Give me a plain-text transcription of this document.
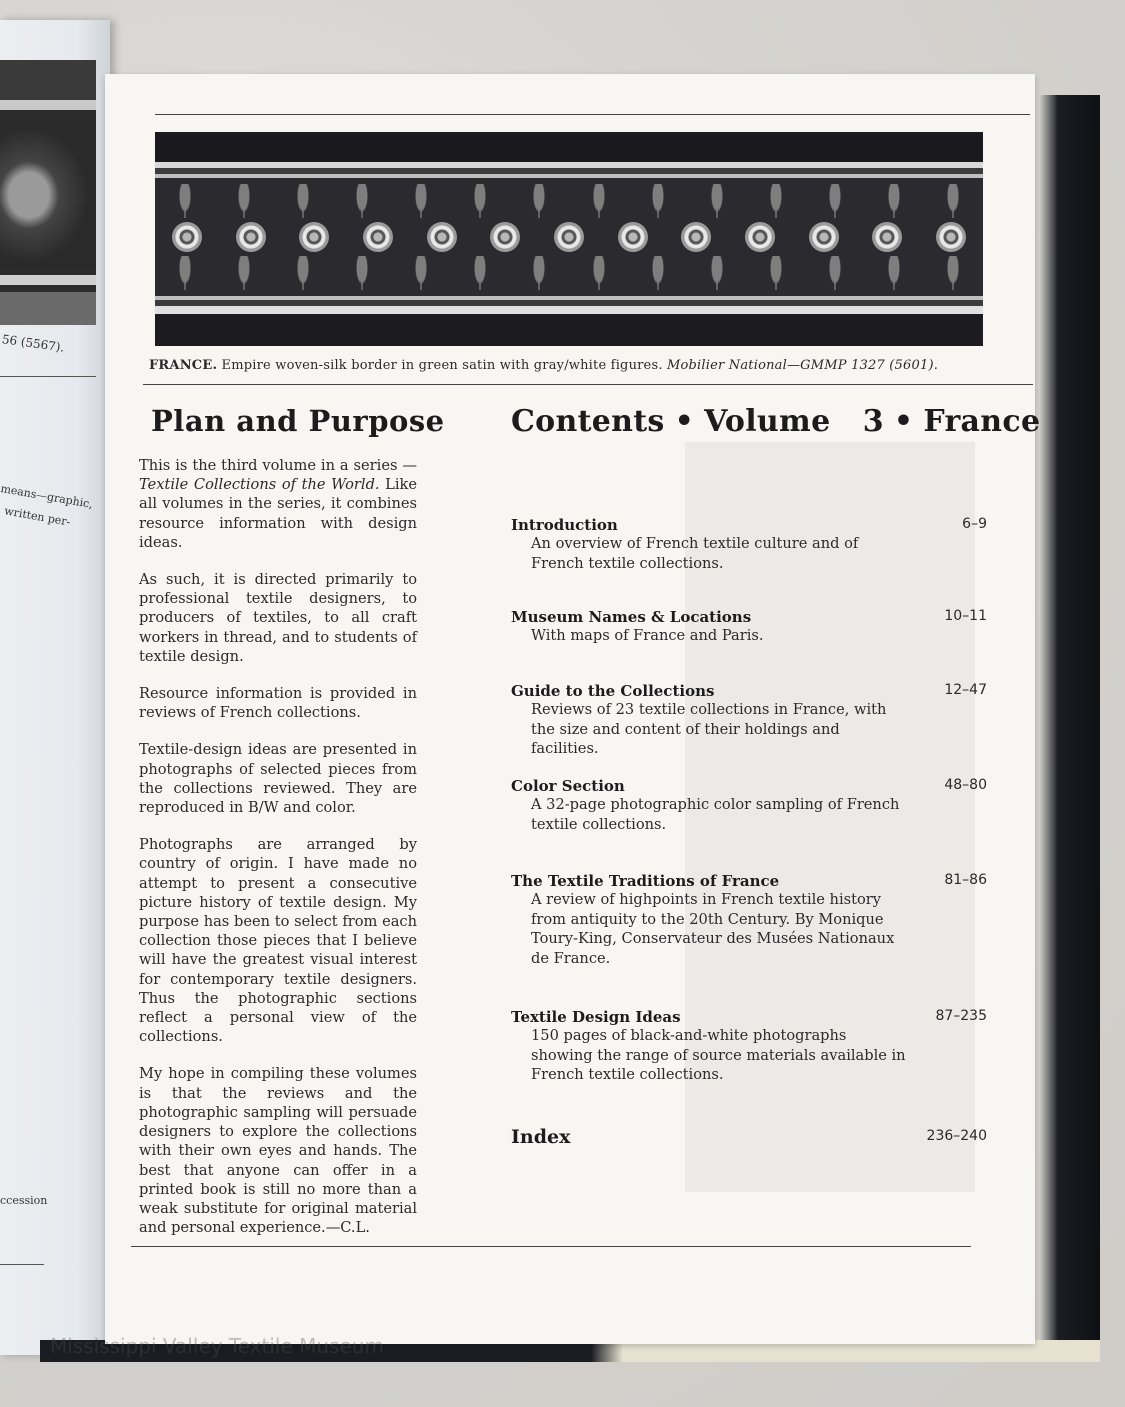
56 (5567).
means—graphic,
written per-
ccession
FRANCE. Empire woven-silk border in green satin with gray/white figures. Mobilier National—GMMP 1327 (5601).
Plan and Purpose

This is the third volume in a series —Textile Collections of the World. Like all volumes in the series, it combines resource information with design ideas.

As such, it is directed primarily to professional textile designers, to producers of textiles, to all craft workers in thread, and to students of textile design.

Resource information is provided in reviews of French collections.

Textile-design ideas are presented in photographs of selected pieces from the collections reviewed. They are reproduced in B/W and color.

Photographs are arranged by country of origin. I have made no attempt to present a consecutive picture history of textile design. My purpose has been to select from each collection those pieces that I believe will have the greatest visual interest for contemporary textile designers. Thus the photographic sections reflect a personal view of the collections.

My hope in compiling these volumes is that the reviews and the photographic sampling will persuade designers to explore the collections with their own eyes and hands. The best that anyone can offer in a printed book is still no more than a weak substitute for original material and personal experience.—C.L.

Contents • Volume 3 • France
Introduction
An overview of French textile culture and of French textile collections.
6–9
Museum Names & Locations
With maps of France and Paris.
10–11
Guide to the Collections
Reviews of 23 textile collections in France, with the size and content of their holdings and facilities.
12–47
Color Section
A 32-page photographic color sampling of French textile collections.
48–80
The Textile Traditions of France
A review of highpoints in French textile history from antiquity to the 20th Century. By Monique Toury-King, Conservateur des Musées Nationaux de France.
81–86
Textile Design Ideas
150 pages of black-and-white photographs showing the range of source materials available in French textile collections.
87–235
Index	236–240
Mississippi Valley Textile Museum
